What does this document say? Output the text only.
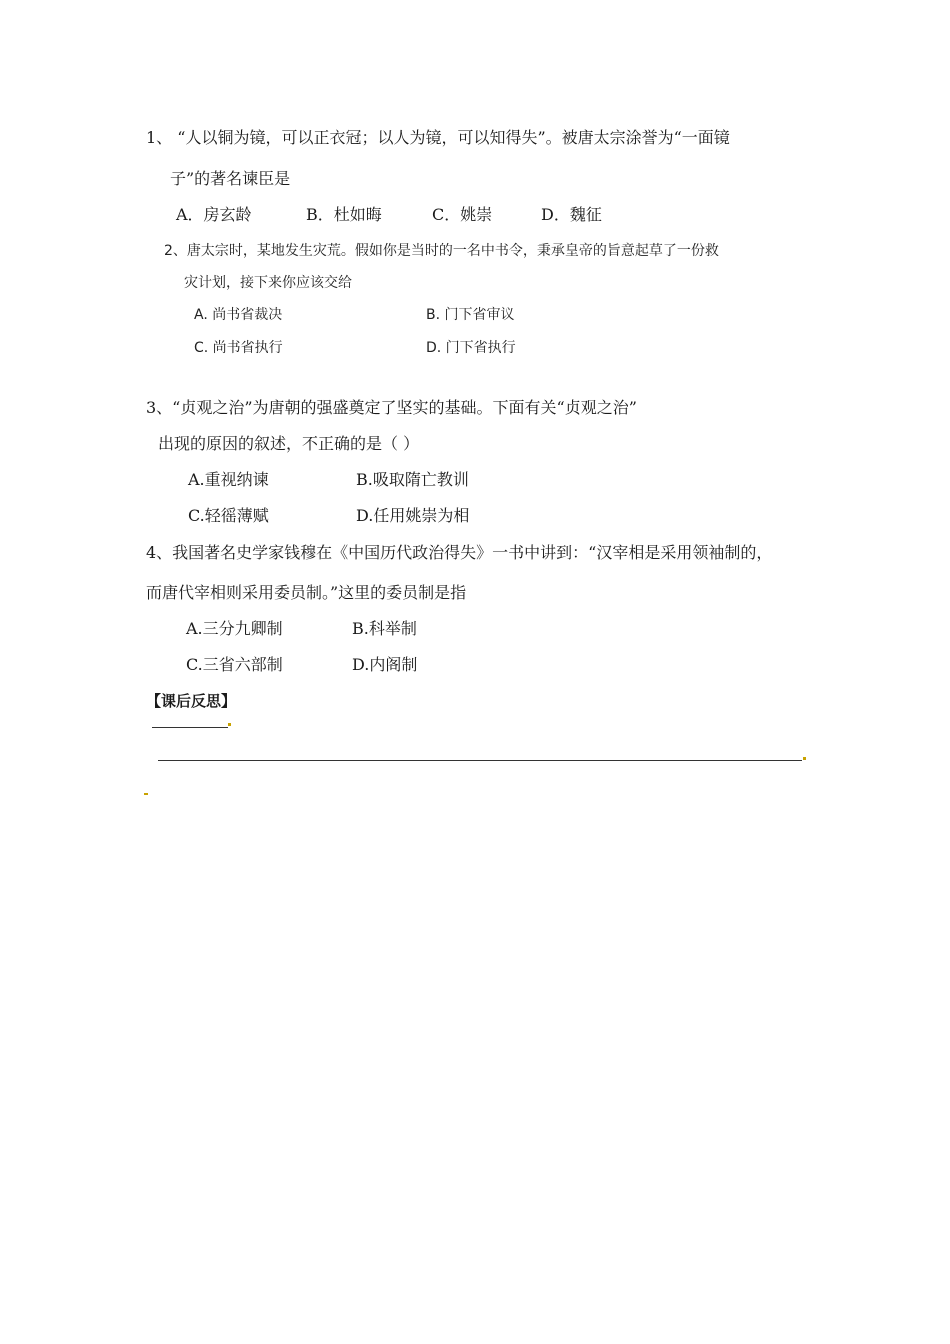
1、 “人以铜为镜，可以正衣冠；以人为镜，可以知得失”。被唐太宗涂誉为“一面镜
子”的著名谏臣是
A．房玄龄	B．杜如晦	C．姚崇	D．魏征
2、唐太宗时，某地发生灾荒。假如你是当时的一名中书令，秉承皇帝的旨意起草了一份救
灾计划，接下来你应该交给
A. 尚书省裁决	B. 门下省审议
C. 尚书省执行	D. 门下省执行
3、“贞观之治”为唐朝的强盛奠定了坚实的基础。下面有关“贞观之治”
出现的原因的叙述，不正确的是（ ）
A.重视纳谏	B.吸取隋亡教训
C.轻徭薄赋	D.任用姚崇为相
4、我国著名史学家钱穆在《中国历代政治得失》一书中讲到：“汉宰相是采用领袖制的，
而唐代宰相则采用委员制。”这里的委员制是指
A.三分九卿制	B.科举制
C.三省六部制	D.内阁制
【课后反思】
